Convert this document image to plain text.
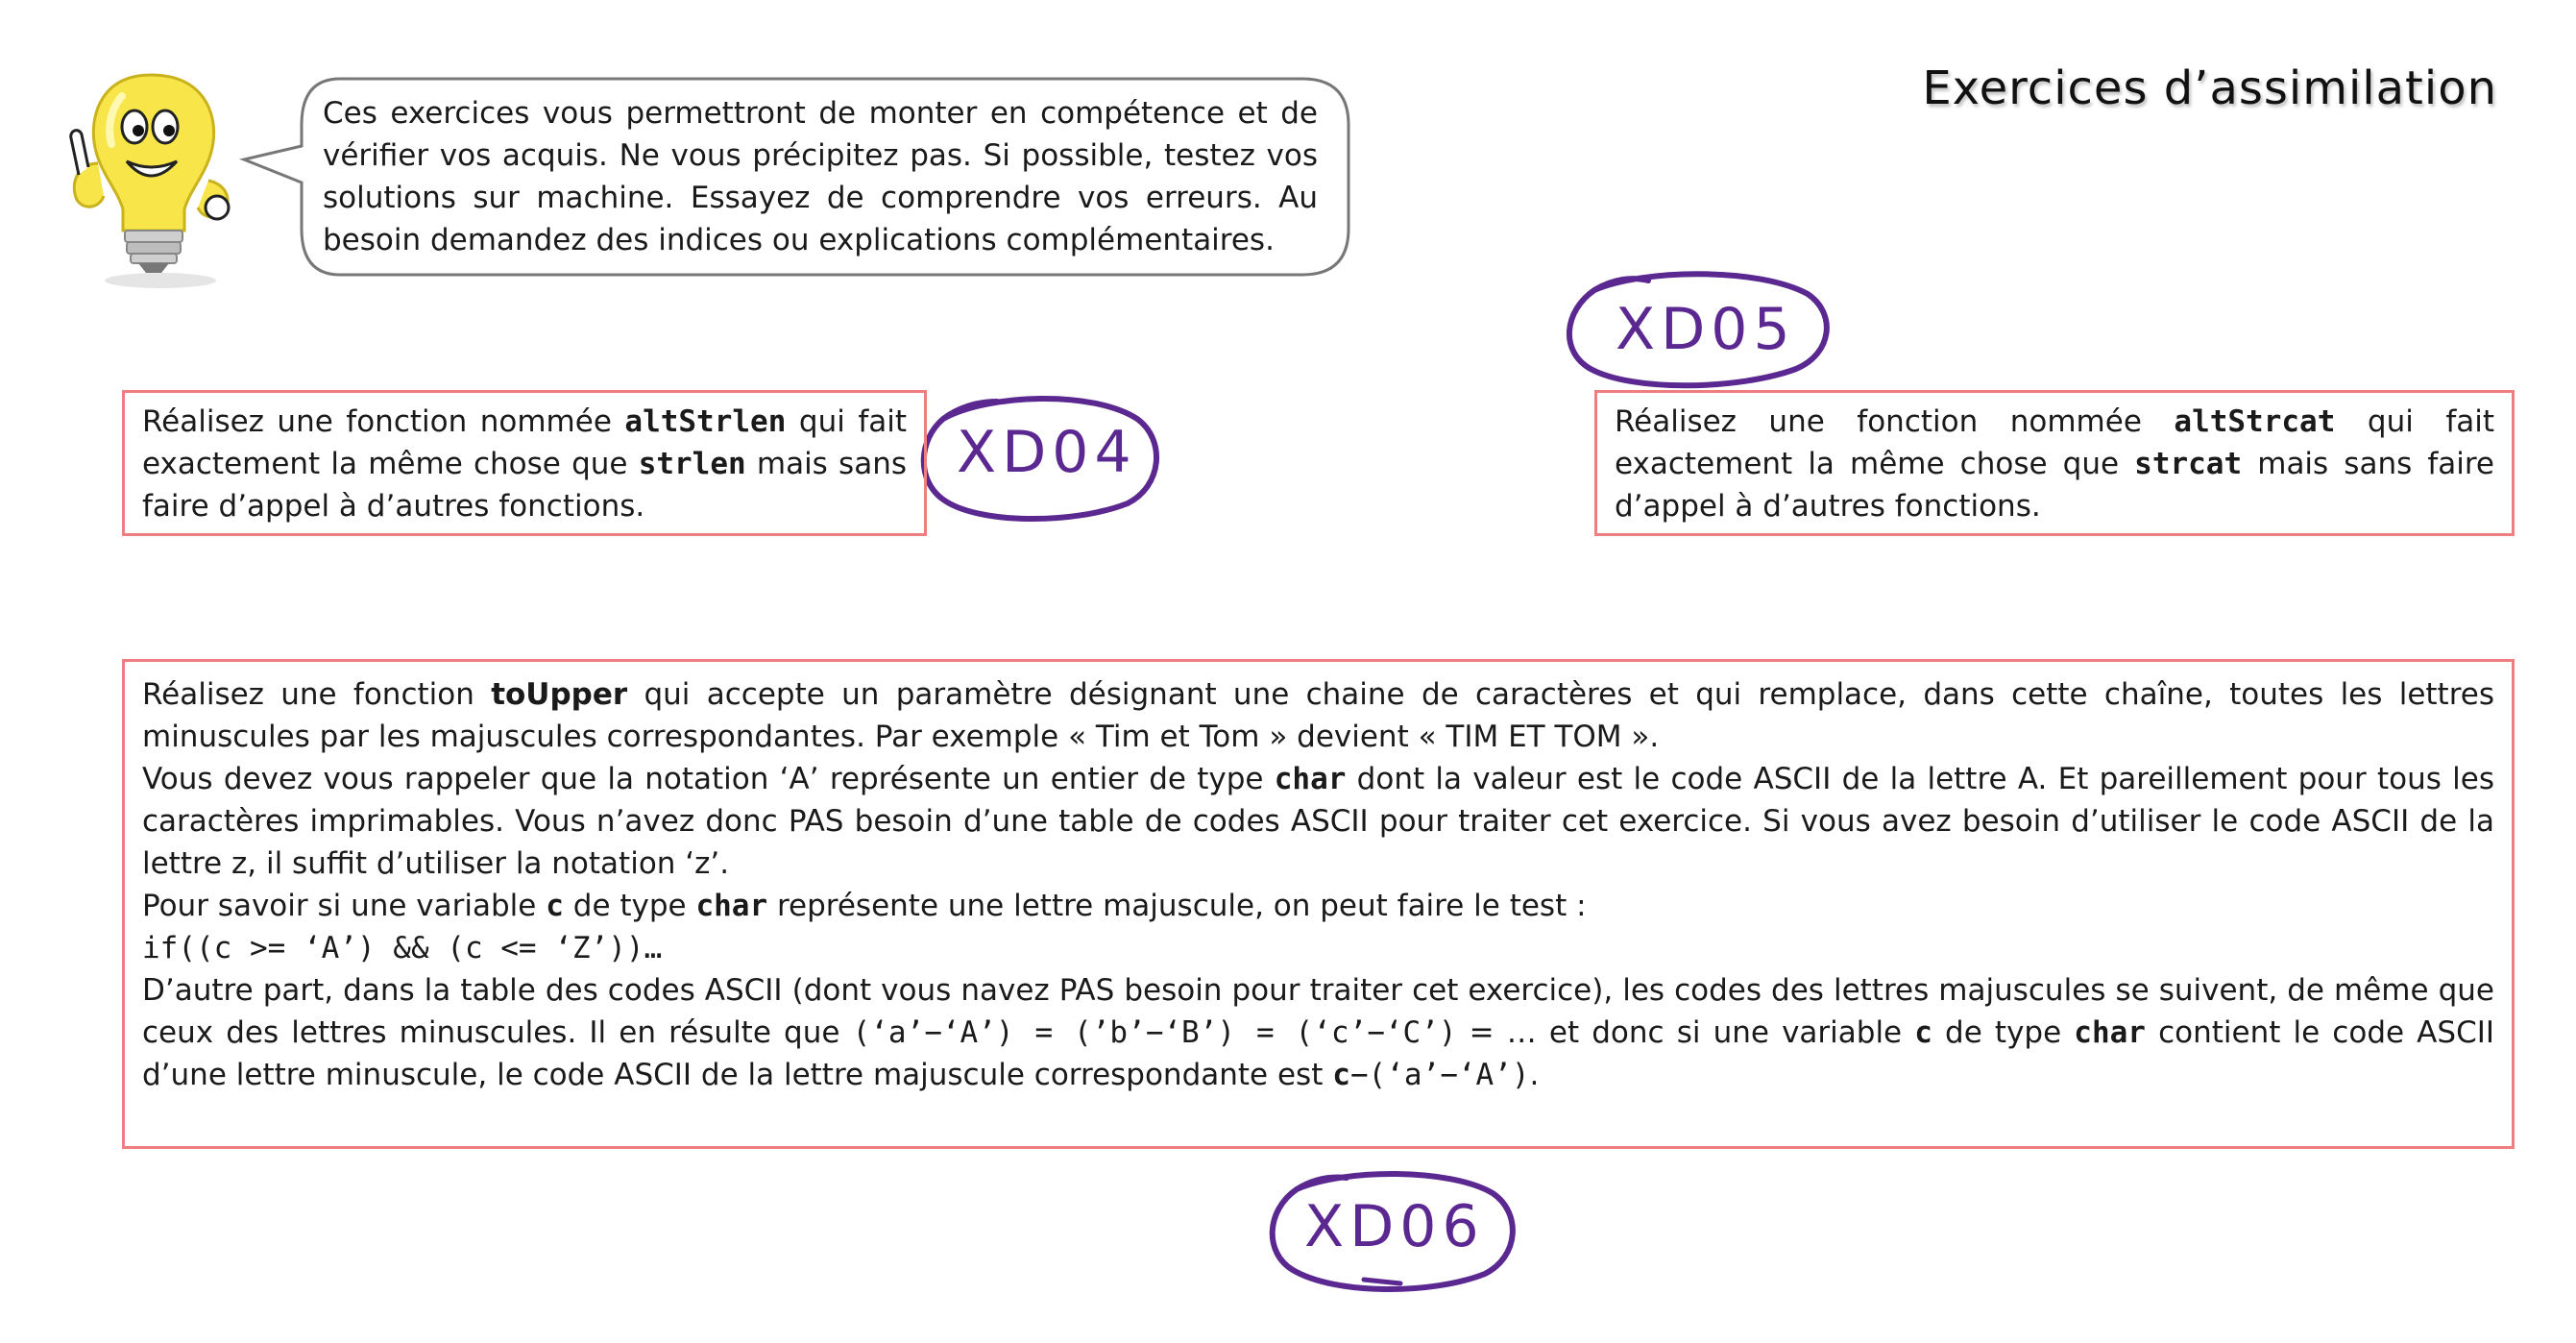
Exercices d’assimilation
Ces exercices vous permettront de monter en compétence et de vérifier vos acquis. Ne vous précipitez pas. Si possible, testez vos solutions sur machine. Essayez de comprendre vos erreurs. Au besoin demandez des indices ou explications complémentaires.
XD05
XD04
Réalisez une fonction nommée altStrlen qui fait exactement la même chose que strlen mais sans faire d’appel à d’autres fonctions.
Réalisez une fonction nommée altStrcat qui fait exactement la même chose que strcat mais sans faire d’appel à d’autres fonctions.

Réalisez une fonction toUpper qui accepte un paramètre désignant une chaine de caractères et qui remplace, dans cette chaîne, toutes les lettres minuscules par les majuscules correspondantes. Par exemple « Tim et Tom » devient « TIM ET TOM ».

Vous devez vous rappeler que la notation ‘A’ représente un entier de type char dont la valeur est le code ASCII de la lettre A. Et pareillement pour tous les caractères imprimables. Vous n’avez donc PAS besoin d’une table de codes ASCII pour traiter cet exercice. Si vous avez besoin d’utiliser le code ASCII de la lettre z, il suffit d’utiliser la notation ‘z’.

Pour savoir si une variable c de type char représente une lettre majuscule, on peut faire le test :

if((c >= ‘A’) && (c <= ‘Z’))…

D’autre part, dans la table des codes ASCII (dont vous navez PAS besoin pour traiter cet exercice), les codes des lettres majuscules se suivent, de même que ceux des lettres minuscules. Il en résulte que (‘a’−‘A’) = (’b’−‘B’) = (‘c’−‘C’) = … et donc si une variable c de type char contient le code ASCII d’une lettre minuscule, le code ASCII de la lettre majuscule correspondante est c−(‘a’−‘A’).

XD06
